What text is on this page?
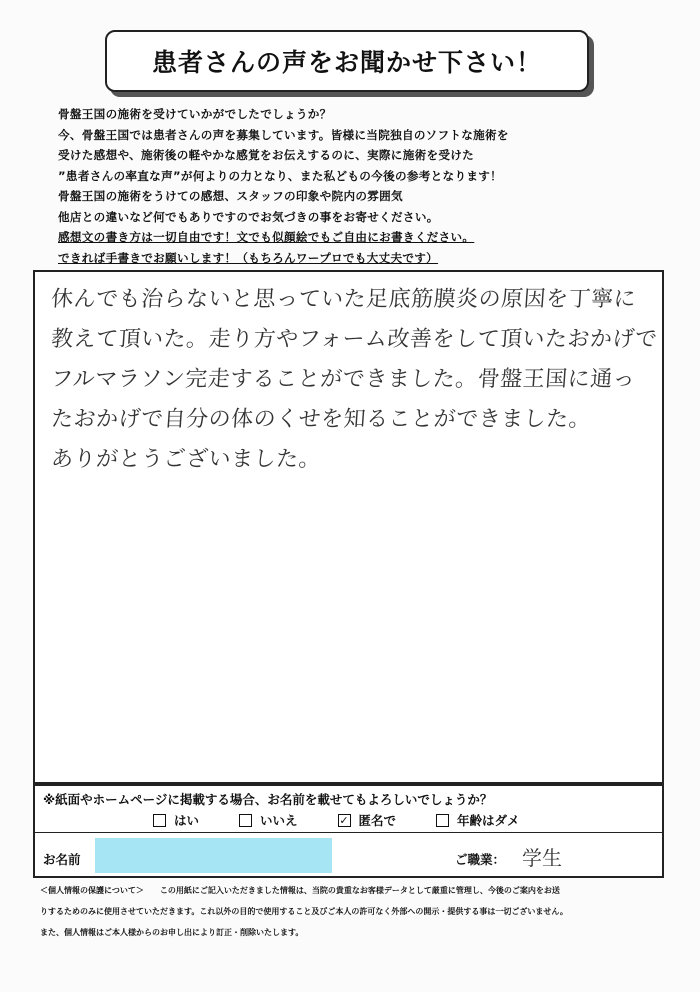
患者さんの声をお聞かせ下さい！
骨盤王国の施術を受けていかがでしたでしょうか？
今、骨盤王国では患者さんの声を募集しています。皆様に当院独自のソフトな施術を
受けた感想や、施術後の軽やかな感覚をお伝えするのに、実際に施術を受けた
”患者さんの率直な声”が何よりの力となり、また私どもの今後の参考となります！
骨盤王国の施術をうけての感想、スタッフの印象や院内の雰囲気
他店との違いなど何でもありですのでお気づきの事をお寄せください。
感想文の書き方は一切自由です！文でも似顔絵でもご自由にお書きください。
できれば手書きでお願いします！（もちろんワープロでも大丈夫です）
休んでも治らないと思っていた足底筋膜炎の原因を丁寧に
教えて頂いた。走り方やフォーム改善をして頂いたおかげで
フルマラソン完走することができました。骨盤王国に通っ
たおかげで自分の体のくせを知ることができました。
ありがとうございました。
※紙面やホームページに掲載する場合、お名前を載せてもよろしいでしょうか？
はい	いいえ	✓ 匿名で	年齢はダメ
お名前	ご職業： 学生
＜個人情報の保護について＞　　この用紙にご記入いただきました情報は、当院の貴重なお客様データとして厳重に管理し、今後のご案内をお送
りするためのみに使用させていただきます。これ以外の目的で使用すること及びご本人の許可なく外部への開示・提供する事は一切ございません。
また、個人情報はご本人様からのお申し出により訂正・削除いたします。
